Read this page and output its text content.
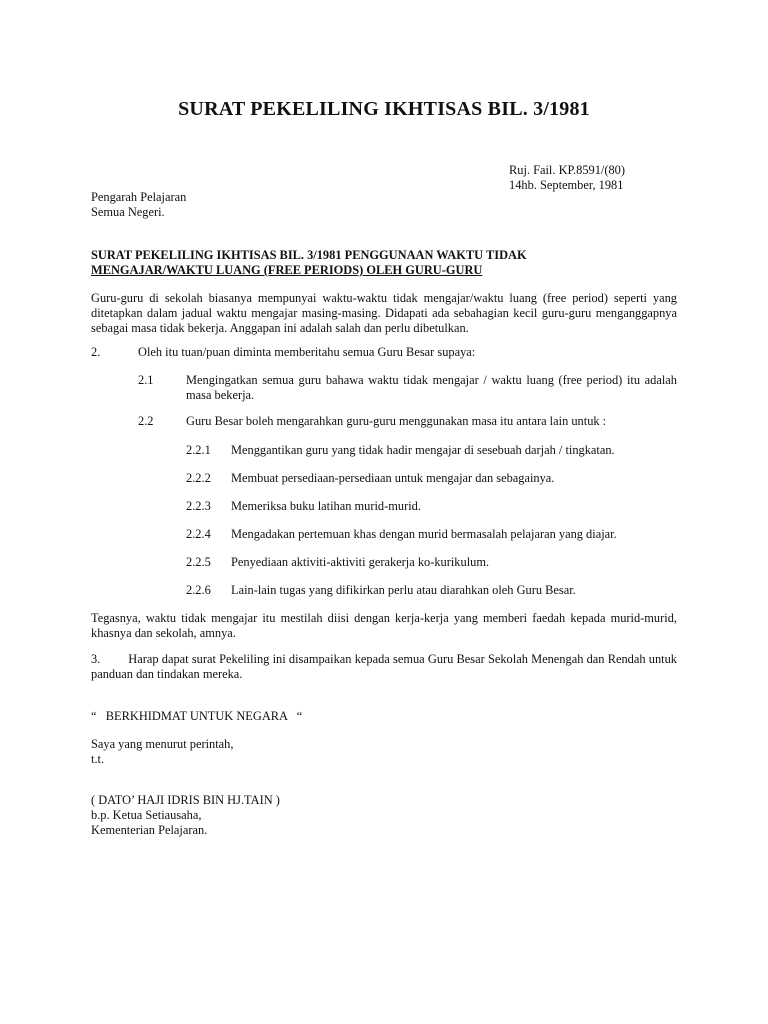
SURAT PEKELILING IKHTISAS BIL. 3/1981
Ruj. Fail. KP.8591/(80)
14hb. September, 1981
Pengarah Pelajaran
Semua Negeri.
SURAT PEKELILING IKHTISAS BIL. 3/1981 PENGGUNAAN WAKTU TIDAK
MENGAJAR/WAKTU LUANG (FREE PERIODS) OLEH GURU-GURU
Guru-guru di sekolah biasanya mempunyai waktu-waktu tidak mengajar/waktu luang (free period) seperti yang ditetapkan dalam jadual waktu mengajar masing-masing. Didapati ada sebahagian kecil guru-guru menganggapnya sebagai masa tidak bekerja. Anggapan ini adalah salah dan perlu dibetulkan.
2.	Oleh itu tuan/puan diminta memberitahu semua Guru Besar supaya:
2.1	Mengingatkan semua guru bahawa waktu tidak mengajar / waktu luang (free period) itu adalah masa bekerja.
2.2	Guru Besar boleh mengarahkan guru-guru menggunakan masa itu antara lain untuk :
2.2.1 Menggantikan guru yang tidak hadir mengajar di sesebuah darjah / tingkatan.
2.2.2 Membuat persediaan-persediaan untuk mengajar dan sebagainya.
2.2.3 Memeriksa buku latihan murid-murid.
2.2.4 Mengadakan pertemuan khas dengan murid bermasalah pelajaran yang diajar.
2.2.5 Penyediaan aktiviti-aktiviti gerakerja ko-kurikulum.
2.2.6 Lain-lain tugas yang difikirkan perlu atau diarahkan oleh Guru Besar.
Tegasnya, waktu tidak mengajar itu mestilah diisi dengan kerja-kerja yang memberi faedah kepada murid-murid, khasnya dan sekolah, amnya.
3. Harap dapat surat Pekeliling ini disampaikan kepada semua Guru Besar Sekolah Menengah dan Rendah untuk panduan dan tindakan mereka.
“   BERKHIDMAT UNTUK NEGARA   “
Saya yang menurut perintah,
t.t.
( DATO’ HAJI IDRIS BIN HJ.TAIN )
b.p. Ketua Setiausaha,
Kementerian Pelajaran.
